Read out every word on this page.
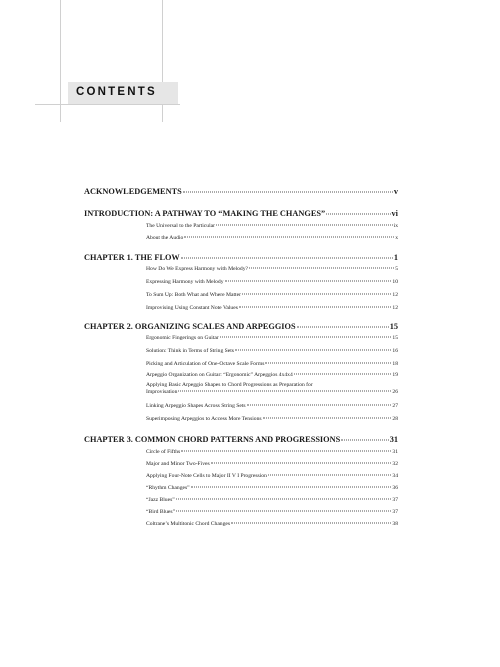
CONTENTS
ACKNOWLEDGEMENTS	v
INTRODUCTION: A PATHWAY TO “MAKING THE CHANGES”	vi
The Universal to the Particular	ix
About the Audio	x
CHAPTER 1. THE FLOW	1
How Do We Express Harmony with Melody?	5
Expressing Harmony with Melody	10
To Sum Up: Both What and Where Matter	12
Improvising Using Constant Note Values	12
CHAPTER 2. ORGANIZING SCALES AND ARPEGGIOS	15
Ergonomic Fingerings on Guitar	15
Solution: Think in Terms of String Sets	16
Picking and Articulation of One-Octave Scale Forms	18
Arpeggio Organization on Guitar: “Ergonomic” Arpeggios 4x4x4	19
Applying Basic Arpeggio Shapes to Chord Progressions as Preparation for
Improvisation	26
Linking Arpeggio Shapes Across String Sets	27
Superimposing Arpeggios to Access More Tensions	28
CHAPTER 3. COMMON CHORD PATTERNS AND PROGRESSIONS	31
Circle of Fifths	31
Major and Minor Two-Fives	32
Applying Four-Note Cells to Major II V I Progression	34
“Rhythm Changes”	36
“Jazz Blues”	37
“Bird Blues”	37
Coltrane’s Multitonic Chord Changes	38
